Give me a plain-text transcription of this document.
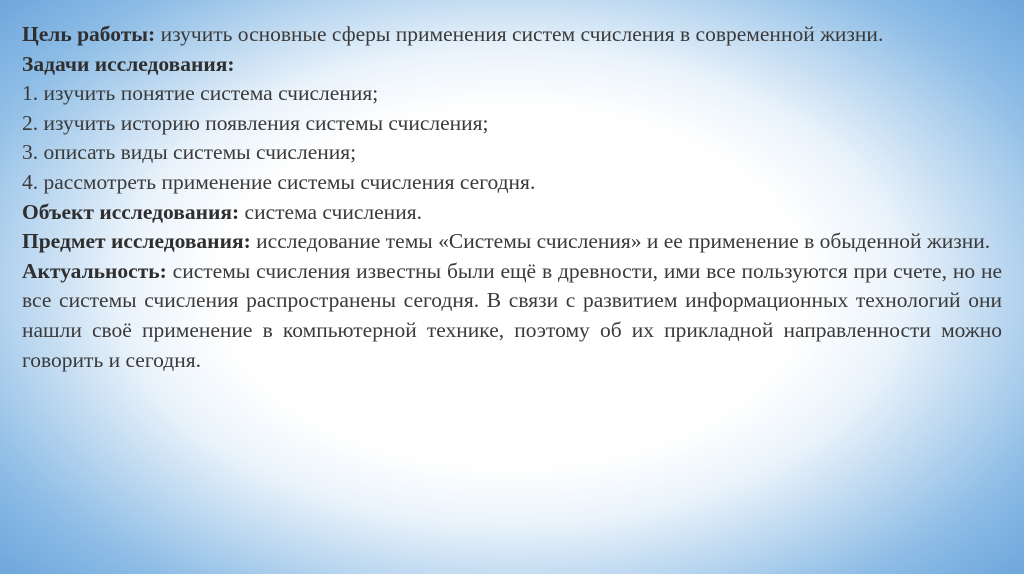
Цель работы: изучить основные сферы применения систем счисления в современной жизни.

Задачи исследования:

1. изучить понятие система счисления;

2. изучить историю появления системы счисления;

3. описать виды системы счисления;

4. рассмотреть применение системы счисления сегодня.

Объект исследования: система счисления.

Предмет исследования: исследование темы «Системы счисления» и ее применение в обыденной жизни.

Актуальность: системы счисления известны были ещё в древности, ими все пользуются при счете, но не все системы счисления распространены сегодня. В связи с развитием информационных технологий они нашли своё применение в компьютерной технике, поэтому об их прикладной направленности можно говорить и сегодня.
